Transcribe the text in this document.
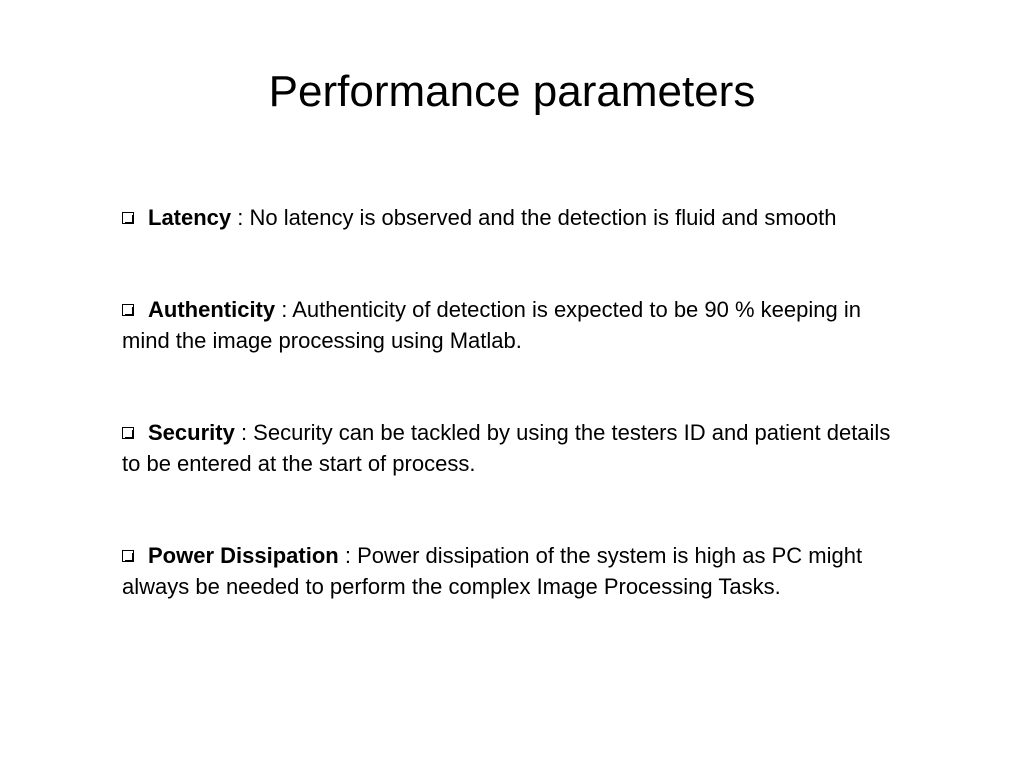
Performance parameters
Latency : No latency is observed and the detection is fluid and smooth
Authenticity : Authenticity of detection is expected to be 90 % keeping in mind the image processing using Matlab.
Security : Security can be tackled by using the testers ID and patient details to be entered at the start of process.
Power Dissipation : Power dissipation of the system is high as PC might always be needed to perform the complex Image Processing Tasks.
